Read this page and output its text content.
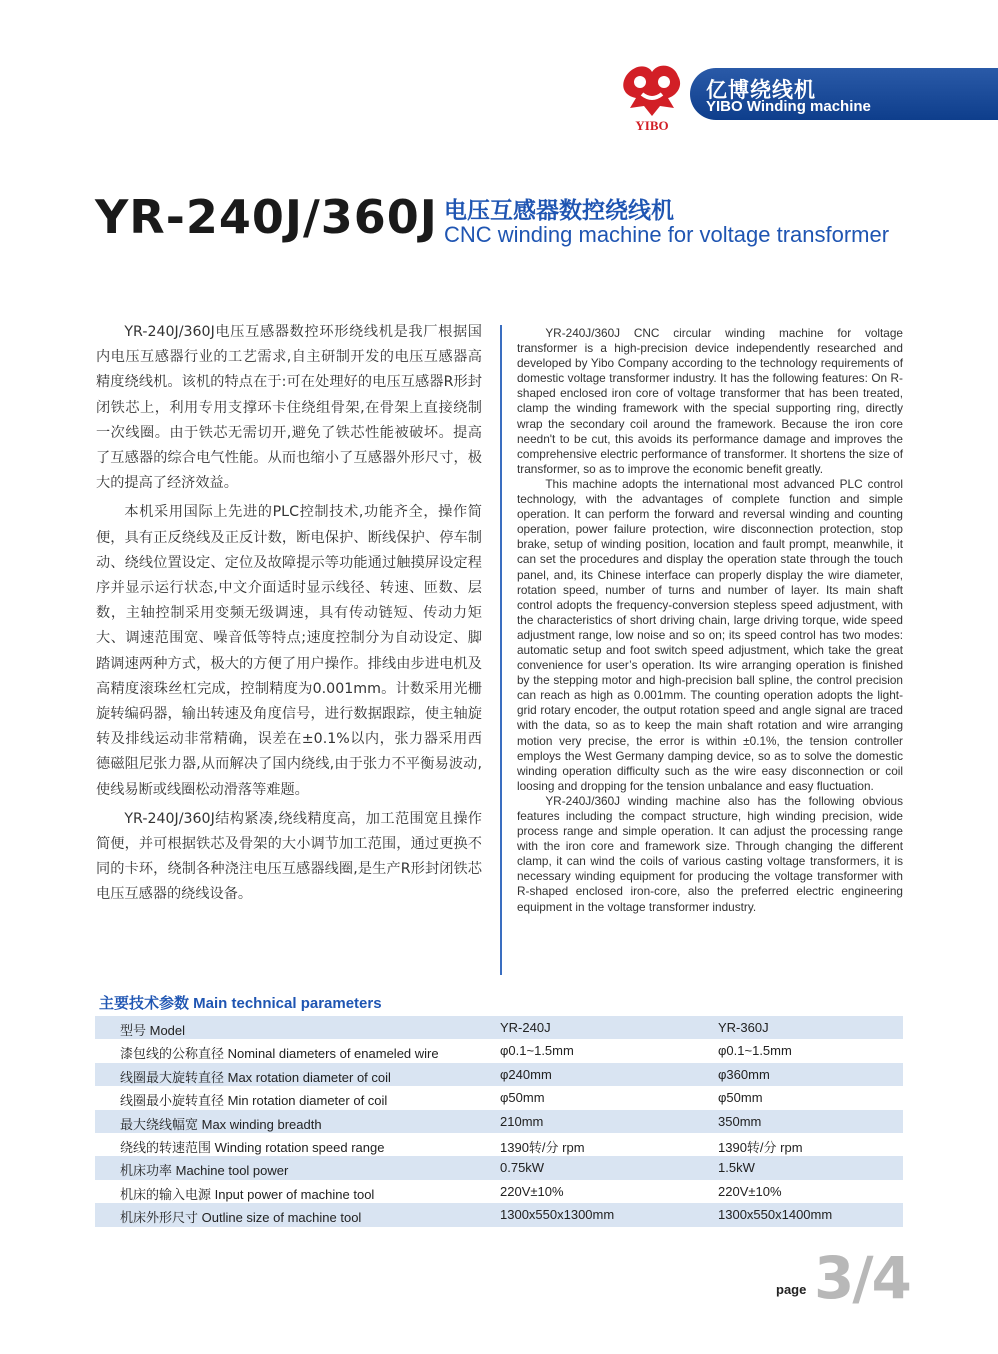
YIBO
亿博绕线机
YIBO Winding machine
YR-240J/360J 电压互感器数控绕线机
CNC winding machine for voltage transformer

YR-240J/360J电压互感器数控环形绕线机是我厂根据国内电压互感器行业的工艺需求,自主研制开发的电压互感器高精度绕线机。该机的特点在于:可在处理好的电压互感器R形封闭铁芯上，利用专用支撑环卡住绕组骨架,在骨架上直接绕制一次线圈。由于铁芯无需切开,避免了铁芯性能被破坏。提高了互感器的综合电气性能。从而也缩小了互感器外形尺寸，极大的提高了经济效益。

本机采用国际上先进的PLC控制技术,功能齐全，操作简便，具有正反绕线及正反计数，断电保护、断线保护、停车制动、绕线位置设定、定位及故障提示等功能通过触摸屏设定程序并显示运行状态,中文介面适时显示线径、转速、匝数、层数，主轴控制采用变频无级调速，具有传动链短、传动力矩大、调速范围宽、噪音低等特点;速度控制分为自动设定、脚踏调速两种方式，极大的方便了用户操作。排线由步进电机及高精度滚珠丝杠完成，控制精度为0.001mm。计数采用光栅旋转编码器，输出转速及角度信号，进行数据跟踪，使主轴旋转及排线运动非常精确，误差在±0.1%以内，张力器采用西德磁阻尼张力器,从而解决了国内绕线,由于张力不平衡易波动,使线易断或线圈松动滑落等难题。

YR-240J/360J结构紧凑,绕线精度高，加工范围宽且操作简便，并可根据铁芯及骨架的大小调节加工范围，通过更换不同的卡环，绕制各种浇注电压互感器线圈,是生产R形封闭铁芯电压互感器的绕线设备。

YR-240J/360J CNC circular winding machine for voltage transformer is a high-precision device independently researched and developed by Yibo Company according to the technology requirements of domestic voltage transformer industry. It has the following features: On R-shaped enclosed iron core of voltage transformer that has been treated, clamp the winding framework with the special supporting ring, directly wrap the secondary coil around the framework. Because the iron core needn't to be cut, this avoids its performance damage and improves the comprehensive electric performance of transformer. It shortens the size of transformer, so as to improve the economic benefit greatly.

This machine adopts the international most advanced PLC control technology, with the advantages of complete function and simple operation. It can perform the forward and reversal winding and counting operation, power failure protection, wire disconnection protection, stop brake, setup of winding position, location and fault prompt, meanwhile, it can set the procedures and display the operation state through the touch panel, and, its Chinese interface can properly display the wire diameter, rotation speed, number of turns and number of layer. Its main shaft control adopts the frequency-conversion stepless speed adjustment, with the characteristics of short driving chain, large driving torque, wide speed adjustment range, low noise and so on; its speed control has two modes: automatic setup and foot switch speed adjustment, which take the great convenience for user’s operation. Its wire arranging operation is finished by the stepping motor and high-precision ball spline, the control precision can reach as high as 0.001mm. The counting operation adopts the light-grid rotary encoder, the output rotation speed and angle signal are traced with the data, so as to keep the main shaft rotation and wire arranging motion very precise, the error is within ±0.1%, the tension controller employs the West Germany damping device, so as to solve the domestic winding operation difficulty such as the wire easy disconnection or coil loosing and dropping for the tension unbalance and easy fluctuation.

YR-240J/360J winding machine also has the following obvious features including the compact structure, high winding precision, wide process range and simple operation. It can adjust the processing range with the iron core and framework size. Through changing the different clamp, it can wind the coils of various casting voltage transformers, it is necessary winding equipment for producing the voltage transformer with R-shaped enclosed iron-core, also the preferred electric engineering equipment in the voltage transformer industry.

主要技术参数 Main technical parameters
型号 Model	YR-240J	YR-360J
漆包线的公称直径 Nominal diameters of enameled wire	φ0.1~1.5mm	φ0.1~1.5mm
线圈最大旋转直径 Max rotation diameter of coil	φ240mm	φ360mm
线圈最小旋转直径 Min rotation diameter of coil	φ50mm	φ50mm
最大绕线幅宽 Max winding breadth	210mm	350mm
绕线的转速范围 Winding rotation speed range	1390转/分 rpm	1390转/分 rpm
机床功率 Machine tool power	0.75kW	1.5kW
机床的输入电源 Input power of machine tool	220V±10%	220V±10%
机床外形尺寸 Outline size of machine tool	1300x550x1300mm	1300x550x1400mm
page 3/4
